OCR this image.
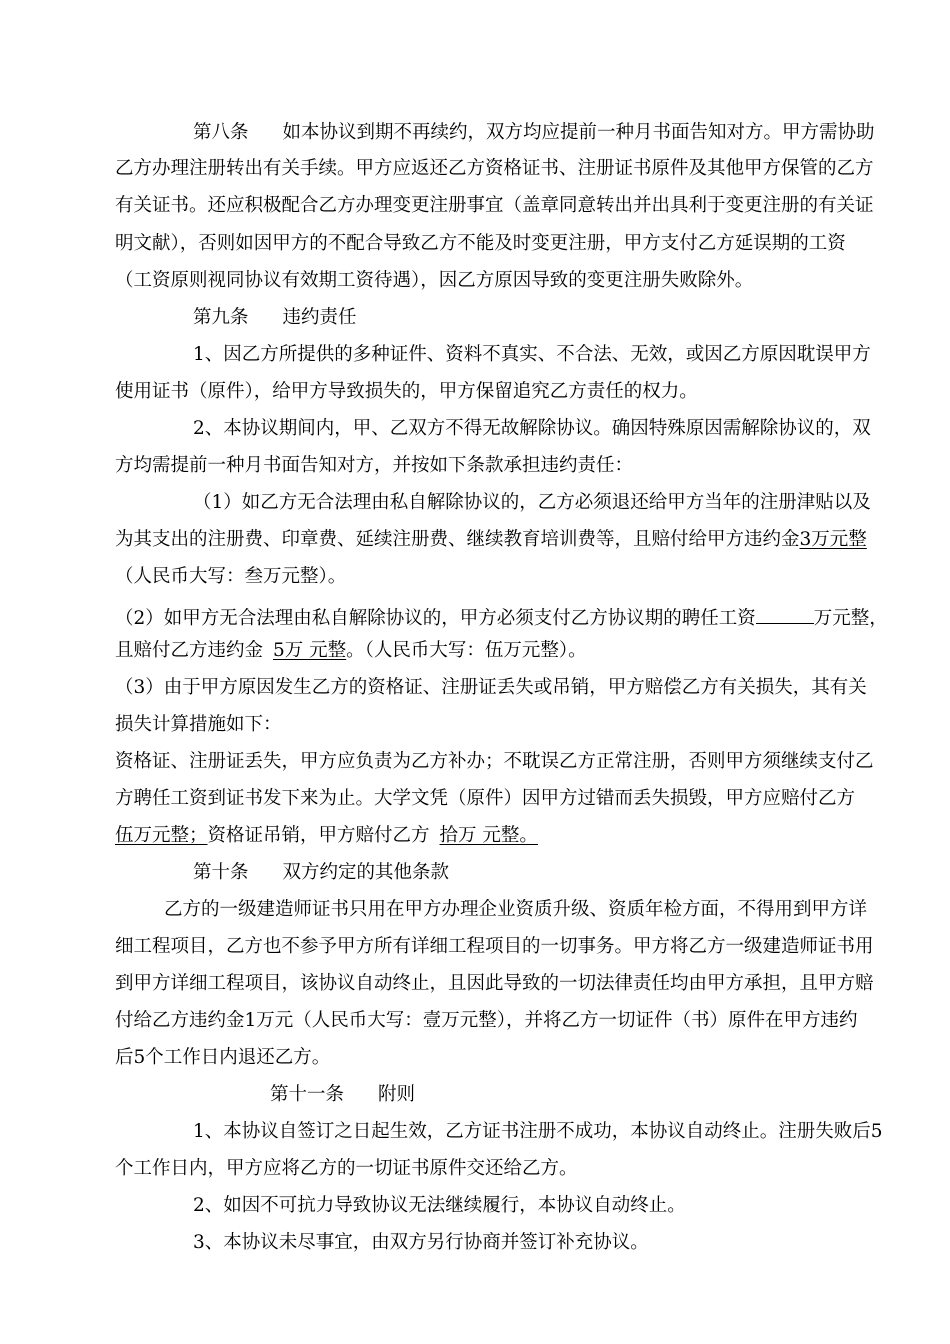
第八条 如本协议到期不再续约，双方均应提前一种月书面告知对方。甲方需协助
乙方办理注册转出有关手续。甲方应返还乙方资格证书、注册证书原件及其他甲方保管的乙方
有关证书。还应积极配合乙方办理变更注册事宜（盖章同意转出并出具利于变更注册的有关证
明文献），否则如因甲方的不配合导致乙方不能及时变更注册，甲方支付乙方延误期的工资
（工资原则视同协议有效期工资待遇），因乙方原因导致的变更注册失败除外。
第九条 违约责任
1、因乙方所提供的多种证件、资料不真实、不合法、无效，或因乙方原因耽误甲方
使用证书（原件），给甲方导致损失的，甲方保留追究乙方责任的权力。
2、本协议期间内，甲、乙双方不得无故解除协议。确因特殊原因需解除协议的，双
方均需提前一种月书面告知对方，并按如下条款承担违约责任：
（1）如乙方无合法理由私自解除协议的，乙方必须退还给甲方当年的注册津贴以及
为其支出的注册费、印章费、延续注册费、继续教育培训费等，且赔付给甲方违约金3万元整
（人民币大写：叁万元整）。
（2）如甲方无合法理由私自解除协议的，甲方必须支付乙方协议期的聘任工资	万元整，
且赔付乙方违约金 5万 元整。（人民币大写：伍万元整）。
（3）由于甲方原因发生乙方的资格证、注册证丢失或吊销，甲方赔偿乙方有关损失，其有关
损失计算措施如下：
资格证、注册证丢失，甲方应负责为乙方补办；不耽误乙方正常注册，否则甲方须继续支付乙
方聘任工资到证书发下来为止。大学文凭（原件）因甲方过错而丢失损毁，甲方应赔付乙方
伍万元整；资格证吊销，甲方赔付乙方 拾万 元整。
第十条 双方约定的其他条款
乙方的一级建造师证书只用在甲方办理企业资质升级、资质年检方面，不得用到甲方详
细工程项目，乙方也不参予甲方所有详细工程项目的一切事务。甲方将乙方一级建造师证书用
到甲方详细工程项目，该协议自动终止，且因此导致的一切法律责任均由甲方承担，且甲方赔
付给乙方违约金1万元（人民币大写：壹万元整），并将乙方一切证件（书）原件在甲方违约
后5个工作日内退还乙方。
第十一条 附则
1、本协议自签订之日起生效，乙方证书注册不成功，本协议自动终止。注册失败后5
个工作日内，甲方应将乙方的一切证书原件交还给乙方。
2、如因不可抗力导致协议无法继续履行，本协议自动终止。
3、本协议未尽事宜，由双方另行协商并签订补充协议。
